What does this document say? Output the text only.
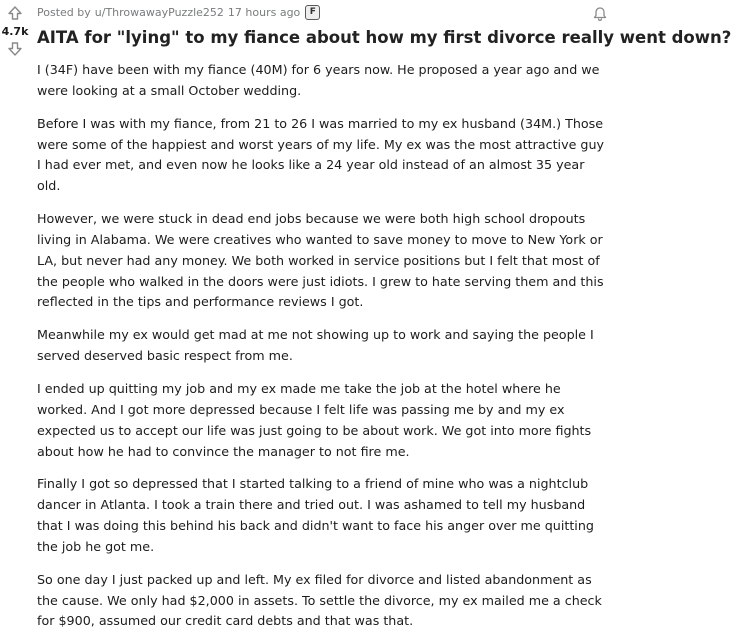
4.7k
Posted by u/ThrowawayPuzzle252 17 hours ago	F
AITA for "lying" to my fiance about how my first divorce really went down?

I (34F) have been with my fiance (40M) for 6 years now. He proposed a year ago and we were looking at a small October wedding.

Before I was with my fiance, from 21 to 26 I was married to my ex husband (34M.) Those were some of the happiest and worst years of my life. My ex was the most attractive guy I had ever met, and even now he looks like a 24 year old instead of an almost 35 year old.

However, we were stuck in dead end jobs because we were both high school dropouts living in Alabama. We were creatives who wanted to save money to move to New York or LA, but never had any money. We both worked in service positions but I felt that most of the people who walked in the doors were just idiots. I grew to hate serving them and this reflected in the tips and performance reviews I got.

Meanwhile my ex would get mad at me not showing up to work and saying the people I served deserved basic respect from me.

I ended up quitting my job and my ex made me take the job at the hotel where he worked. And I got more depressed because I felt life was passing me by and my ex expected us to accept our life was just going to be about work. We got into more fights about how he had to convince the manager to not fire me.

Finally I got so depressed that I started talking to a friend of mine who was a nightclub dancer in Atlanta. I took a train there and tried out. I was ashamed to tell my husband that I was doing this behind his back and didn't want to face his anger over me quitting the job he got me.

So one day I just packed up and left. My ex filed for divorce and listed abandonment as the cause. We only had $2,000 in assets. To settle the divorce, my ex mailed me a check for $900, assumed our credit card debts and that was that.
